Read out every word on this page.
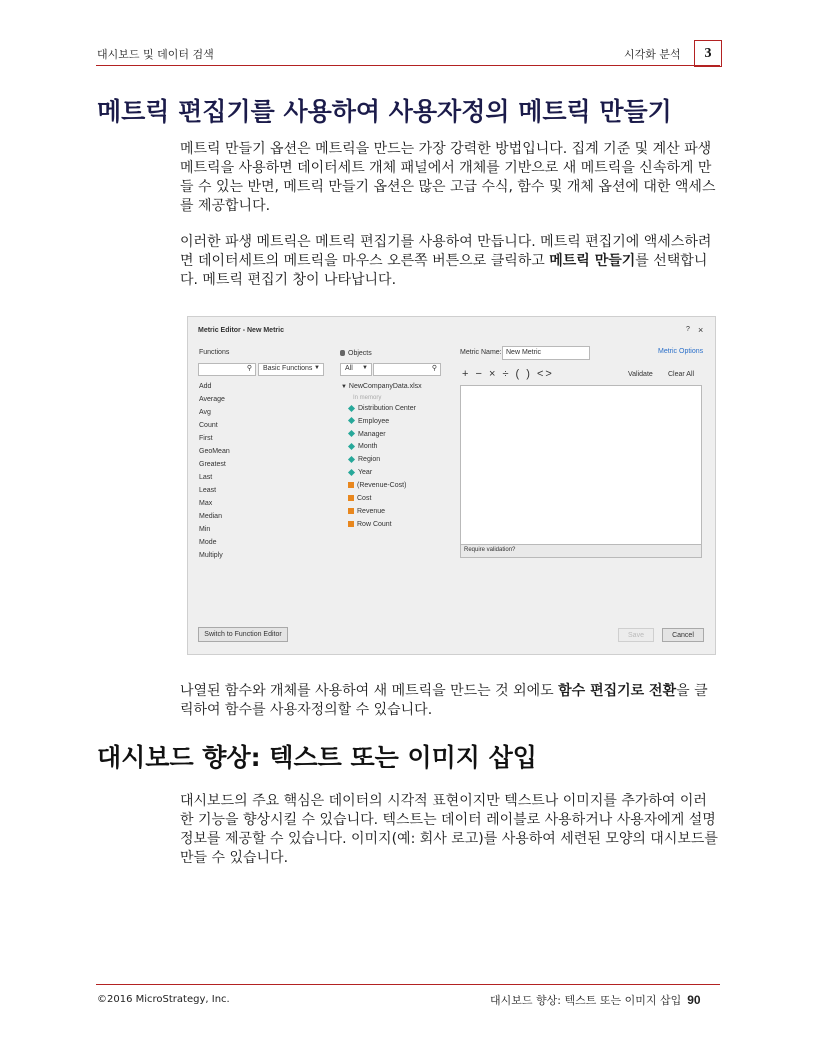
대시보드 및 데이터 검색	시각화 분석	3
메트릭 편집기를 사용하여 사용자정의 메트릭 만들기

메트릭 만들기 옵션은 메트릭을 만드는 가장 강력한 방법입니다. 집계 기준 및 계산 파생 메트릭을 사용하면 데이터세트 개체 패널에서 개체를 기반으로 새 메트릭을 신속하게 만들 수 있는 반면, 메트릭 만들기 옵션은 많은 고급 수식, 함수 및 개체 옵션에 대한 액세스를 제공합니다.

이러한 파생 메트릭은 메트릭 편집기를 사용하여 만듭니다. 메트릭 편집기에 액세스하려면 데이터세트의 메트릭을 마우스 오른쪽 버튼으로 클릭하고 메트릭 만들기를 선택합니다. 메트릭 편집기 창이 나타납니다.

Metric Editor - New Metric	? ×
Functions
⚲ Basic Functions ▼
Add
Average
Avg
Count
First
GeoMean
Greatest
Last
Least
Max
Median
Min
Mode
Multiply
Objects
All ▼	⚲
▼ NewCompanyData.xlsx
In memory
Distribution Center
Employee
Manager
Month
Region
Year
(Revenue-Cost)
Cost
Revenue
Row Count
Metric Name: New Metric	Metric Options
+ − × ÷ ( ) <>	Validate Clear All
Require validation?
Switch to Function Editor	Save	Cancel

나열된 함수와 개체를 사용하여 새 메트릭을 만드는 것 외에도 함수 편집기로 전환을 클릭하여 함수를 사용자정의할 수 있습니다.

대시보드 향상: 텍스트 또는 이미지 삽입

대시보드의 주요 핵심은 데이터의 시각적 표현이지만 텍스트나 이미지를 추가하여 이러한 기능을 향상시킬 수 있습니다. 텍스트는 데이터 레이블로 사용하거나 사용자에게 설명 정보를 제공할 수 있습니다. 이미지(예: 회사 로고)를 사용하여 세련된 모양의 대시보드를 만들 수 있습니다.

©2016 MicroStrategy, Inc.	대시보드 향상: 텍스트 또는 이미지 삽입 90
